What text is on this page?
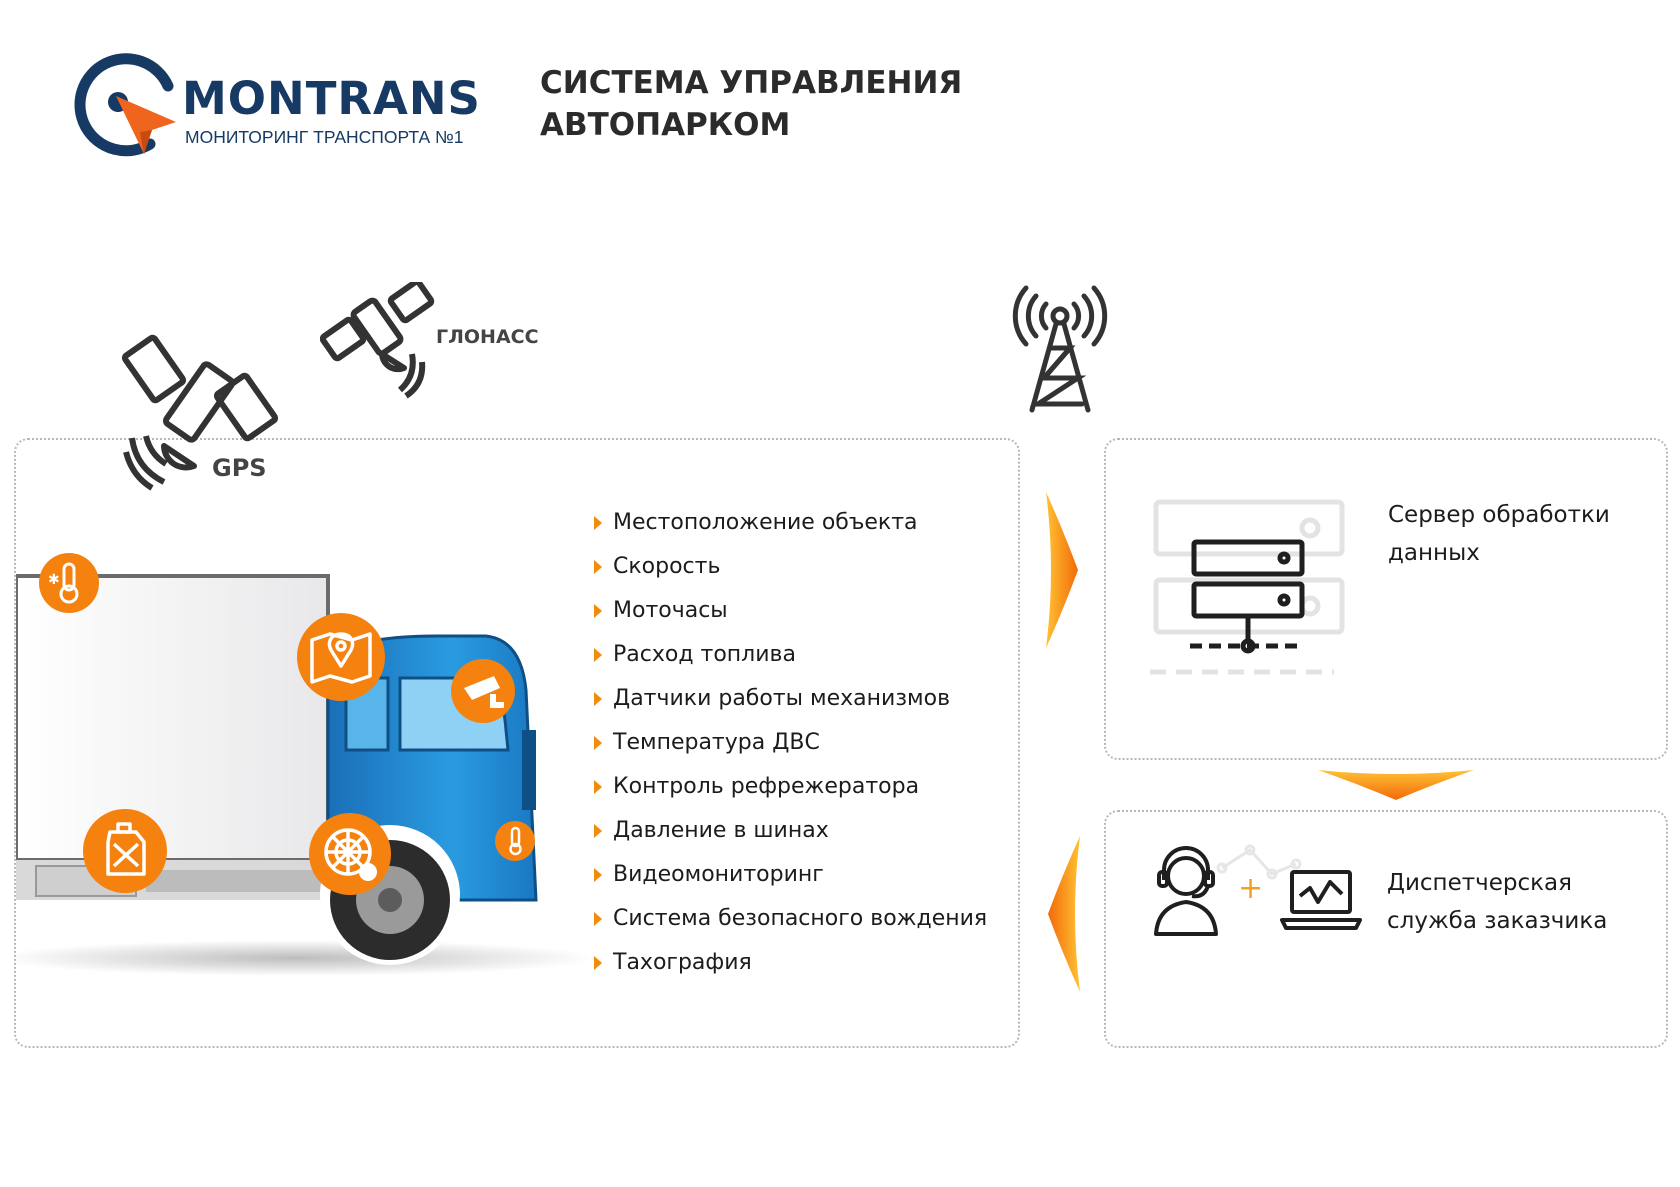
MONTRANS
МОНИТОРИНГ ТРАНСПОРТА №1
СИСТЕМА УПРАВЛЕНИЯ
АВТОПАРКОМ
GPS
ГЛОНАСС
✱
Местоположение объекта
Скорость
Моточасы
Расход топлива
Датчики работы механизмов
Температура ДВС
Контроль рефрежератора
Давление в шинах
Видеомониторинг
Система безопасного вождения
Тахография
Сервер обработки
данных
+	Диспетчерская
служба заказчика
